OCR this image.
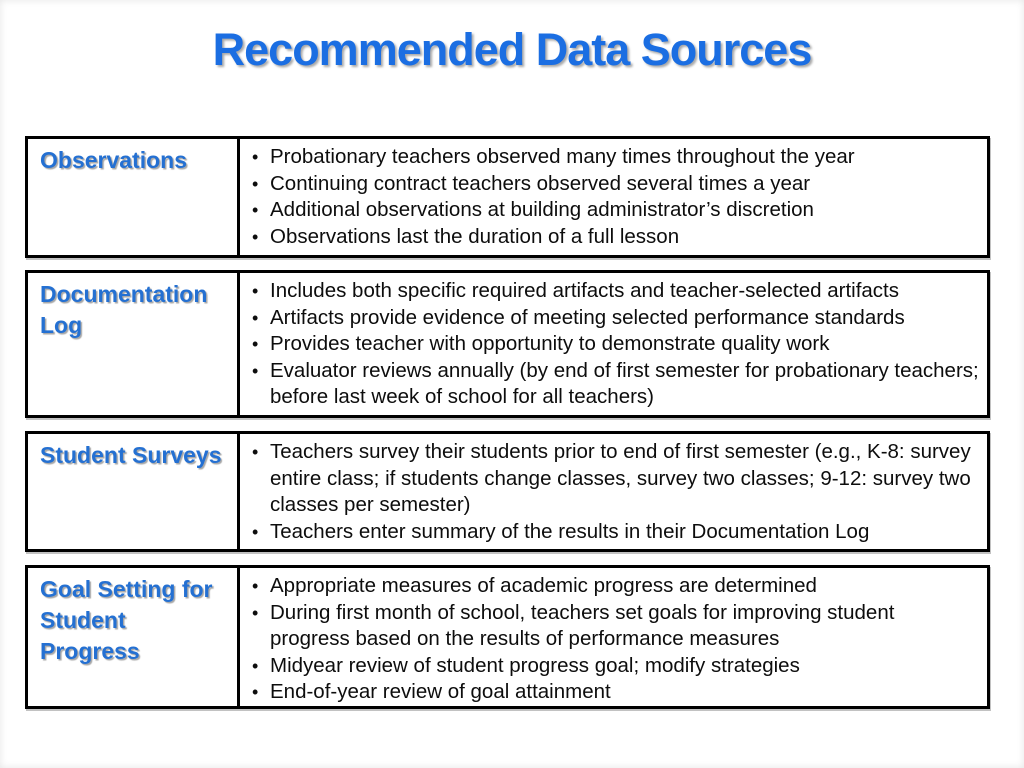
Recommended Data Sources
Observations	• Probationary teachers observed many times throughout the year
• Continuing contract teachers observed several times a year
• Additional observations at building administrator’s discretion
• Observations last the duration of a full lesson
Documentation Log
• Includes both specific required artifacts and teacher-selected artifacts
• Artifacts provide evidence of meeting selected performance standards
• Provides teacher with opportunity to demonstrate quality work
• Evaluator reviews annually (by end of first semester for probationary teachers; before last week of school for all teachers)
Student Surveys	• Teachers survey their students prior to end of first semester (e.g., K-8: survey entire class; if students change classes, survey two classes; 9-12: survey two classes per semester)
• Teachers enter summary of the results in their Documentation Log
Goal Setting for Student Progress
• Appropriate measures of academic progress are determined
• During first month of school, teachers set goals for improving student progress based on the results of performance measures
• Midyear review of student progress goal; modify strategies
• End-of-year review of goal attainment
